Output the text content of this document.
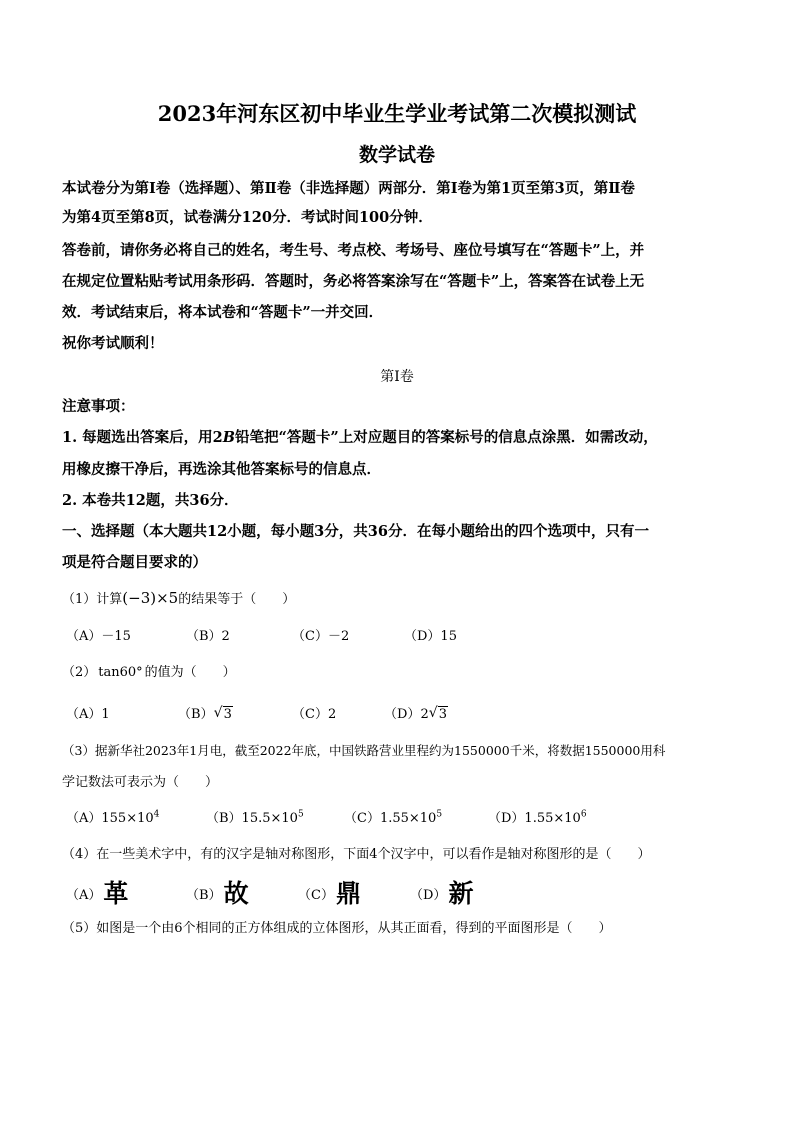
2023年河东区初中毕业生学业考试第二次模拟测试
数学试卷
本试卷分为第Ⅰ卷（选择题）、第Ⅱ卷（非选择题）两部分．第Ⅰ卷为第1页至第3页，第Ⅱ卷
为第4页至第8页，试卷满分120分．考试时间100分钟．
答卷前，请你务必将自己的姓名，考生号、考点校、考场号、座位号填写在“答题卡”上，并
在规定位置粘贴考试用条形码．答题时，务必将答案涂写在“答题卡”上，答案答在试卷上无
效．考试结束后，将本试卷和“答题卡”一并交回．
祝你考试顺利！
第Ⅰ卷
注意事项：
1. 每题选出答案后，用2B铅笔把“答题卡”上对应题目的答案标号的信息点涂黑．如需改动，
用橡皮擦干净后，再选涂其他答案标号的信息点．
2. 本卷共12题，共36分．
一、选择题（本大题共12小题，每小题3分，共36分．在每小题给出的四个选项中，只有一
项是符合题目要求的）
（1）计算(−3)×5的结果等于（　　）
（A）－15	（B）2	（C）－2	（D）15
（2） tan60° 的值为（　　）
（A）1	（B） √ 3	（C）2	（D）2 √ 3
（3）据新华社2023年1月电，截至2022年底，中国铁路营业里程约为1550000千米，将数据1550000用科
学记数法可表示为（　　）
$(A)155\times 10^4$	$(B)15.5\times 10^5$	$(C)1.55\times 10^5$	$(D)1.55\times 10^6$
（4）在一些美术字中，有的汉字是轴对称图形，下面4个汉字中，可以看作是轴对称图形的是（　　）
（A）革	（B）故	（C）鼎	（D）新
（5）如图是一个由6个相同的正方体组成的立体图形，从其正面看，得到的平面图形是（　　）
